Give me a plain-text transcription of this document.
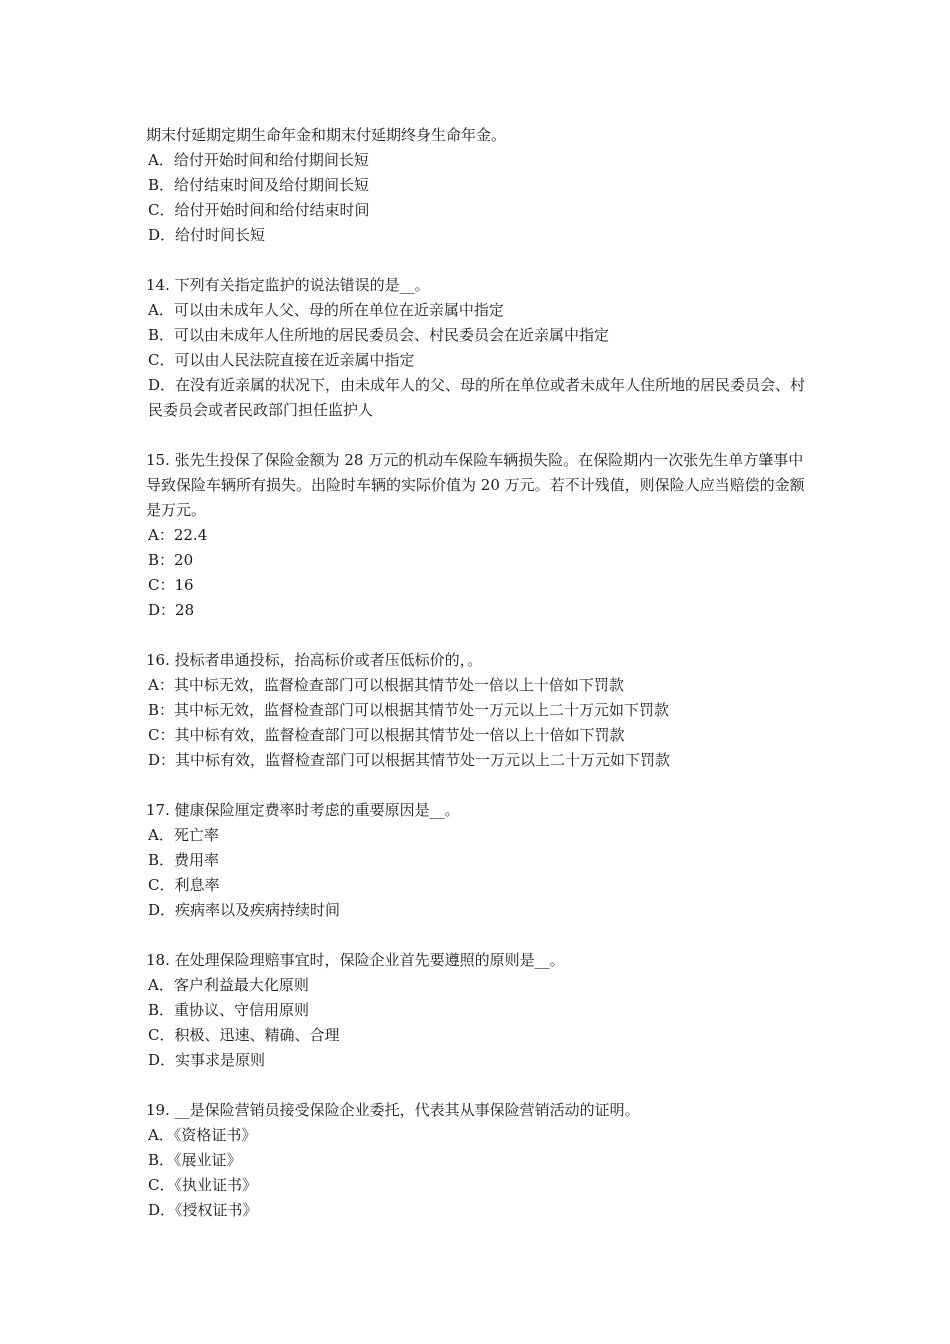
期末付延期定期生命年金和期末付延期终身生命年金。
A．给付开始时间和给付期间长短
B．给付结束时间及给付期间长短
C．给付开始时间和给付结束时间
D．给付时间长短
14. 下列有关指定监护的说法错误的是__。
A．可以由未成年人父、母的所在单位在近亲属中指定
B．可以由未成年人住所地的居民委员会、村民委员会在近亲属中指定
C．可以由人民法院直接在近亲属中指定
D．在没有近亲属的状况下，由未成年人的父、母的所在单位或者未成年人住所地的居民委员会、村民委员会或者民政部门担任监护人
15. 张先生投保了保险金额为 28 万元的机动车保险车辆损失险。在保险期内一次张先生单方肇事中导致保险车辆所有损失。出险时车辆的实际价值为 20 万元。若不计残值，则保险人应当赔偿的金额是万元。
A：22.4
B：20
C：16
D：28
16. 投标者串通投标，抬高标价或者压低标价的，。
A：其中标无效，监督检查部门可以根据其情节处一倍以上十倍如下罚款
B：其中标无效，监督检查部门可以根据其情节处一万元以上二十万元如下罚款
C：其中标有效，监督检查部门可以根据其情节处一倍以上十倍如下罚款
D：其中标有效，监督检查部门可以根据其情节处一万元以上二十万元如下罚款
17. 健康保险厘定费率时考虑的重要原因是__。
A．死亡率
B．费用率
C．利息率
D．疾病率以及疾病持续时间
18. 在处理保险理赔事宜时，保险企业首先要遵照的原则是__。
A．客户利益最大化原则
B．重协议、守信用原则
C．积极、迅速、精确、合理
D．实事求是原则
19. __是保险营销员接受保险企业委托，代表其从事保险营销活动的证明。
A．《资格证书》
B．《展业证》
C．《执业证书》
D．《授权证书》
